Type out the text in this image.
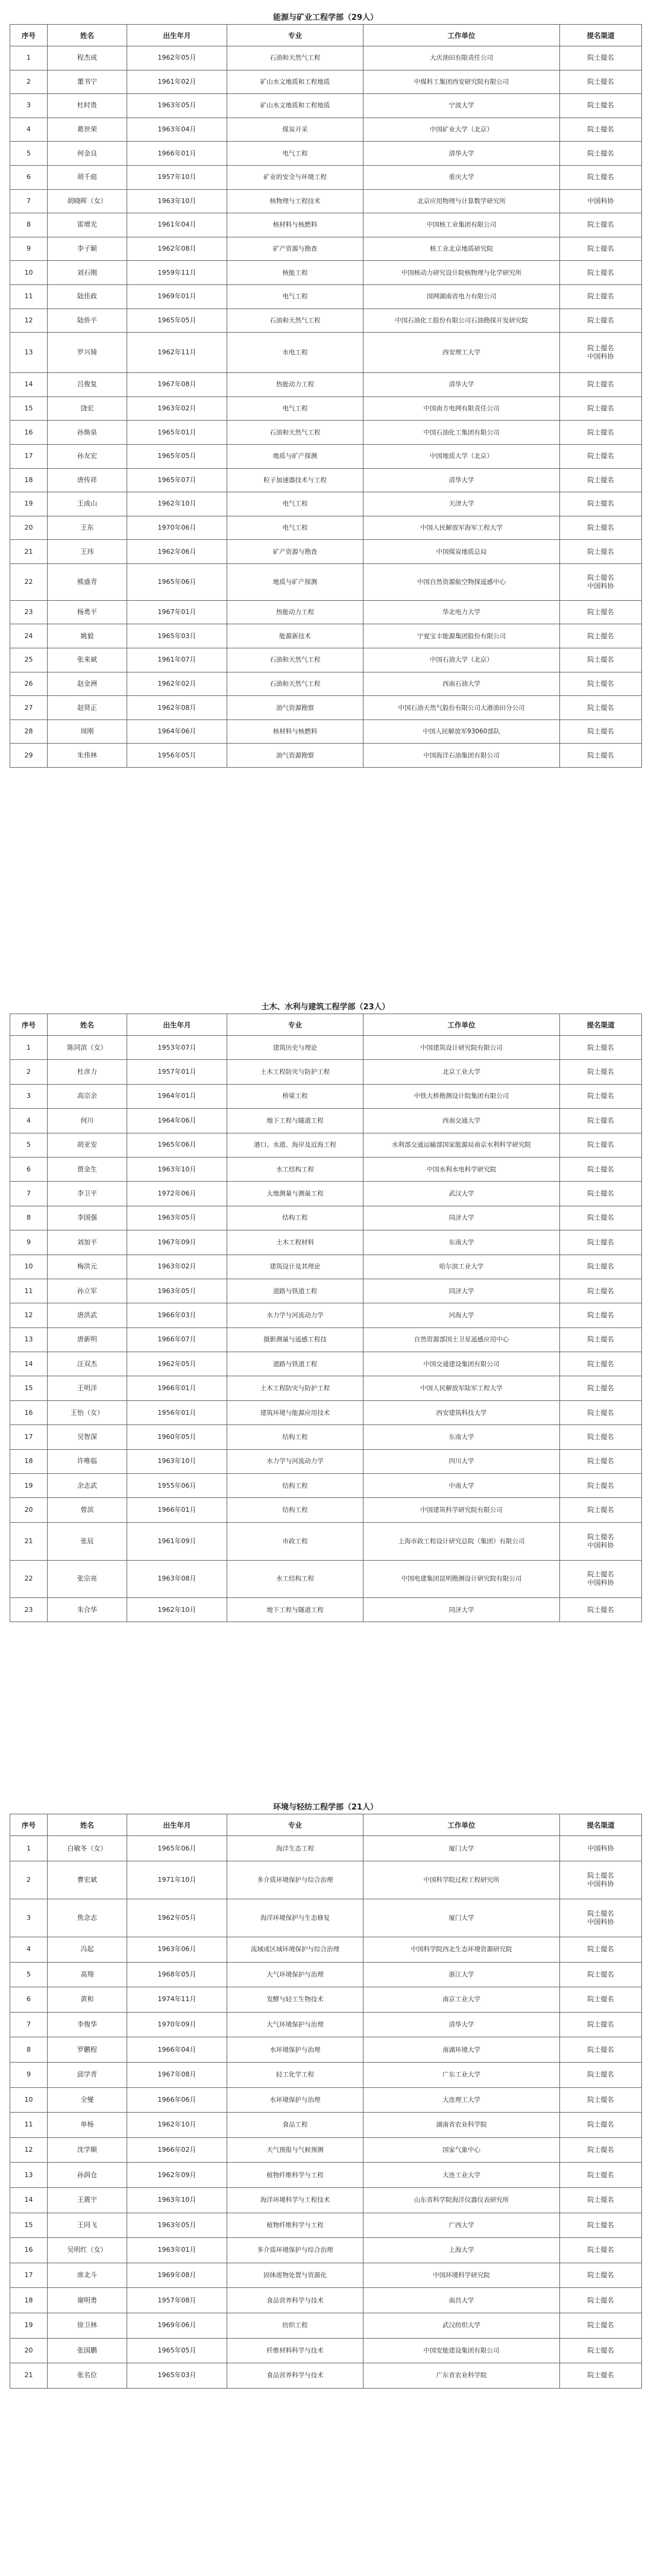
能源与矿业工程学部（29人）
序号	姓名	出生年月	专业	工作单位	提名渠道
1	程杰成	1962年05月	石油和天然气工程	大庆油田有限责任公司	院士提名

2	董书宁	1961年02月	矿山水文地质和工程地质	中煤科工集团西安研究院有限公司	院士提名

3	杜时贵	1963年05月	矿山水文地质和工程地质	宁波大学	院士提名

4	葛世荣	1963年04月	煤炭开采	中国矿业大学（北京）	院士提名

5	何金良	1966年01月	电气工程	清华大学	院士提名

6	胡千庭	1957年10月	矿业的安全与环境工程	重庆大学	院士提名

7	胡晓晖（女）	1963年10月	核物理与工程技术	北京应用物理与计算数学研究所	中国科协

8	雷增光	1961年04月	核材料与核燃料	中国核工业集团有限公司	院士提名

9	李子颖	1962年08月	矿产资源与勘查	核工业北京地质研究院	院士提名

10	刘石刚	1959年11月	核能工程	中国核动力研究设计院核物理与化学研究所	院士提名

11	陆佳政	1969年01月	电气工程	国网湖南省电力有限公司	院士提名

12	陆侨平	1965年05月	石油和天然气工程	中国石油化工股份有限公司石油勘探开发研究院	院士提名

13	罗兴锜	1962年11月	水电工程	西安理工大学	院士提名
中国科协

14	吕俊复	1967年08月	热能动力工程	清华大学	院士提名

15	饶宏	1963年02月	电气工程	中国南方电网有限责任公司	院士提名

16	孙焕泉	1965年01月	石油和天然气工程	中国石油化工集团有限公司	院士提名

17	孙友宏	1965年05月	地质与矿产探测	中国地质大学（北京）	院士提名

18	唐传祥	1965年07月	粒子加速器技术与工程	清华大学	院士提名

19	王成山	1962年10月	电气工程	天津大学	院士提名

20	王东	1970年06月	电气工程	中国人民解放军海军工程大学	院士提名

21	王玮	1962年06月	矿产资源与勘查	中国煤炭地质总局	院士提名

22	熊盛青	1965年06月	地质与矿产探测	中国自然资源航空物探遥感中心	院士提名
中国科协

23	杨勇平	1967年01月	热能动力工程	华北电力大学	院士提名

24	姚毅	1965年03月	能源新技术	宁夏宝丰能源集团股份有限公司	院士提名

25	张来斌	1961年07月	石油和天然气工程	中国石油大学（北京）	院士提名

26	赵金洲	1962年02月	石油和天然气工程	西南石油大学	院士提名

27	赵贤正	1962年08月	油气资源勘察	中国石油天然气股份有限公司大港油田分公司	院士提名

28	周刚	1964年06月	核材料与核燃料	中国人民解放军93060部队	院士提名

29	朱伟林	1956年05月	油气资源勘察	中国海洋石油集团有限公司	院士提名
土木、水利与建筑工程学部（23人）
序号	姓名	出生年月	专业	工作单位	提名渠道
1	陈同滨（女）	1953年07月	建筑历史与理论	中国建筑设计研究院有限公司	院士提名

2	杜彦力	1957年01月	土木工程防灾与防护工程	北京工业大学	院士提名

3	高宗余	1964年01月	桥梁工程	中铁大桥勘测设计院集团有限公司	院士提名

4	何川	1964年06月	地下工程与隧道工程	西南交通大学	院士提名

5	胡亚安	1965年06月	港口、水道、海岸及近海工程	水利部交通运输部国家能源局南京水利科学研究院	院士提名

6	贾金生	1963年10月	水工结构工程	中国水利水电科学研究院	院士提名

7	李卫平	1972年06月	大地测量与测量工程	武汉大学	院士提名

8	李国强	1963年05月	结构工程	同济大学	院士提名

9	刘加平	1967年09月	土木工程材料	东南大学	院士提名

10	梅洪元	1963年02月	建筑设计及其理论	哈尔滨工业大学	院士提名

11	孙立军	1963年05月	道路与铁道工程	同济大学	院士提名

12	唐洪武	1966年03月	水力学与河流动力学	河海大学	院士提名

13	唐新明	1966年07月	摄影测量与遥感工程技	自然资源部国土卫星遥感应用中心	院士提名

14	汪双杰	1962年05月	道路与铁道工程	中国交通建设集团有限公司	院士提名

15	王明洋	1966年01月	土木工程防灾与防护工程	中国人民解放军陆军工程大学	院士提名

16	王怡（女）	1956年01月	建筑环境与能源应用技术	西安建筑科技大学	院士提名

17	吴智深	1960年05月	结构工程	东南大学	院士提名

18	许唯临	1963年10月	水力学与河流动力学	四川大学	院士提名

19	余志武	1955年06月	结构工程	中南大学	院士提名

20	曾滨	1966年01月	结构工程	中国建筑科学研究院有限公司	院士提名

21	张辰	1961年09月	市政工程	上海市政工程设计研究总院（集团）有限公司	院士提名
中国科协

22	张宗亮	1963年08月	水工结构工程	中国电建集团昆明勘测设计研究院有限公司	院士提名
中国科协

23	朱合华	1962年10月	地下工程与隧道工程	同济大学	院士提名
环境与轻纺工程学部（21人）
序号	姓名	出生年月	专业	工作单位	提名渠道
1	白敏冬（女）	1965年06月	海洋生态工程	厦门大学	中国科协

2	曹宏斌	1971年10月	多介质环境保护与综合治理	中国科学院过程工程研究所	院士提名
中国科协

3	焦念志	1962年05月	海洋环境保护与生态修复	厦门大学	院士提名
中国科协

4	冯起	1963年06月	流域或区域环境保护与综合治理	中国科学院西北生态环境资源研究院	院士提名

5	高翔	1968年05月	大气环境保护与治理	浙江大学	院士提名

6	黄和	1974年11月	发酵与轻工生物技术	南京工业大学	院士提名

7	李俊华	1970年09月	大气环境保护与治理	清华大学	院士提名

8	罗鹏程	1966年04月	水环境保护与治理	南湖环境大学	院士提名

9	邱学青	1967年08月	轻工化学工程	广东工业大学	院士提名

10	全燮	1966年06月	水环境保护与治理	大连理工大学	院士提名

11	单杨	1962年10月	食品工程	湖南省农业科学院	院士提名

12	沈学顺	1966年02月	天气预报与气候预测	国家气象中心	院士提名

13	孙润仓	1962年09月	植物纤维科学与工程	大连工业大学	院士提名

14	王震宇	1963年10月	海洋环境科学与工程技术	山东省科学院海洋仪器仪表研究所	院士提名

15	王同飞	1963年05月	植物纤维科学与工程	广西大学	院士提名

16	吴明红（女）	1963年01月	多介质环境保护与综合治理	上海大学	院士提名

17	席北斗	1969年08月	固体废物处置与资源化	中国环境科学研究院	院士提名

18	谢明勇	1957年08月	食品营养科学与技术	南昌大学	院士提名

19	徐卫林	1969年06月	纺织工程	武汉纺织大学	院士提名

20	张国鹏	1965年05月	纤维材料科学与技术	中国安能建设集团有限公司	院士提名

21	张名位	1965年03月	食品营养科学与技术	广东省农业科学院	院士提名
